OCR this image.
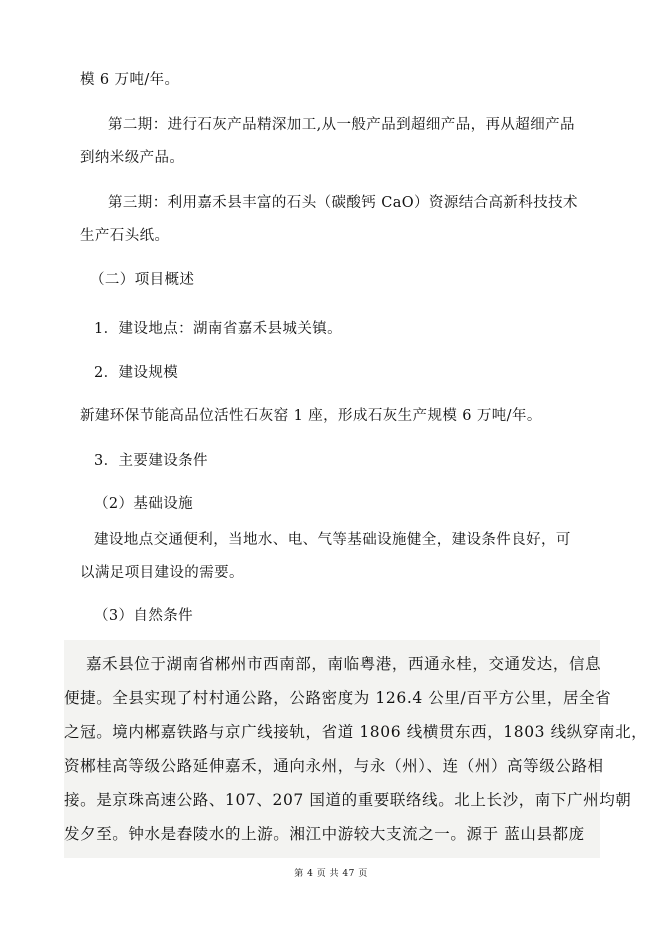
模 6 万吨/年。
第二期：进行石灰产品精深加工,从一般产品到超细产品，再从超细产品
到纳米级产品。
第三期：利用嘉禾县丰富的石头（碳酸钙 CaO）资源结合高新科技技术
生产石头纸。
（二）项目概述
1．建设地点：湖南省嘉禾县城关镇。
2．建设规模
新建环保节能高品位活性石灰窑 1 座，形成石灰生产规模 6 万吨/年。
3．主要建设条件
（2）基础设施
建设地点交通便利，当地水、电、气等基础设施健全，建设条件良好，可
以满足项目建设的需要。
（3）自然条件
嘉禾县位于湖南省郴州市西南部，南临粤港，西通永桂，交通发达，信息
便捷。全县实现了村村通公路，公路密度为 126.4 公里/百平方公里，居全省
之冠。境内郴嘉铁路与京广线接轨，省道 1806 线横贯东西，1803 线纵穿南北，
资郴桂高等级公路延伸嘉禾，通向永州，与永（州）、连（州）高等级公路相
接。是京珠高速公路、107、207 国道的重要联络线。北上长沙，南下广州均朝
发夕至。钟水是舂陵水的上游。湘江中游较大支流之一。源于 蓝山县都庞
第 4 页 共 47 页
